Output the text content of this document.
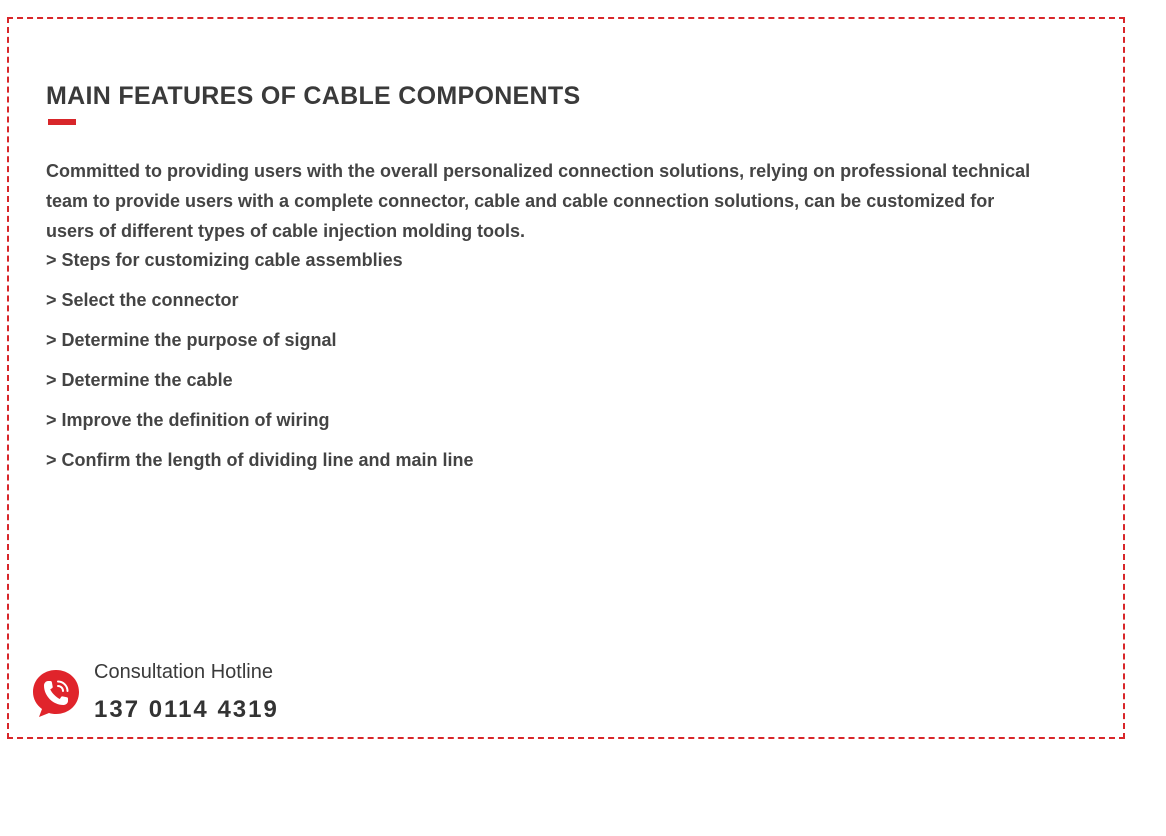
MAIN FEATURES OF CABLE COMPONENTS

Committed to providing users with the overall personalized connection solutions, relying on professional technical team to provide users with a complete connector, cable and cable connection solutions, can be customized for users of different types of cable injection molding tools.

> Steps for customizing cable assemblies
> Select the connector
> Determine the purpose of signal
> Determine the cable
> Improve the definition of wiring
> Confirm the length of dividing line and main line
Consultation Hotline
137 0114 4319
